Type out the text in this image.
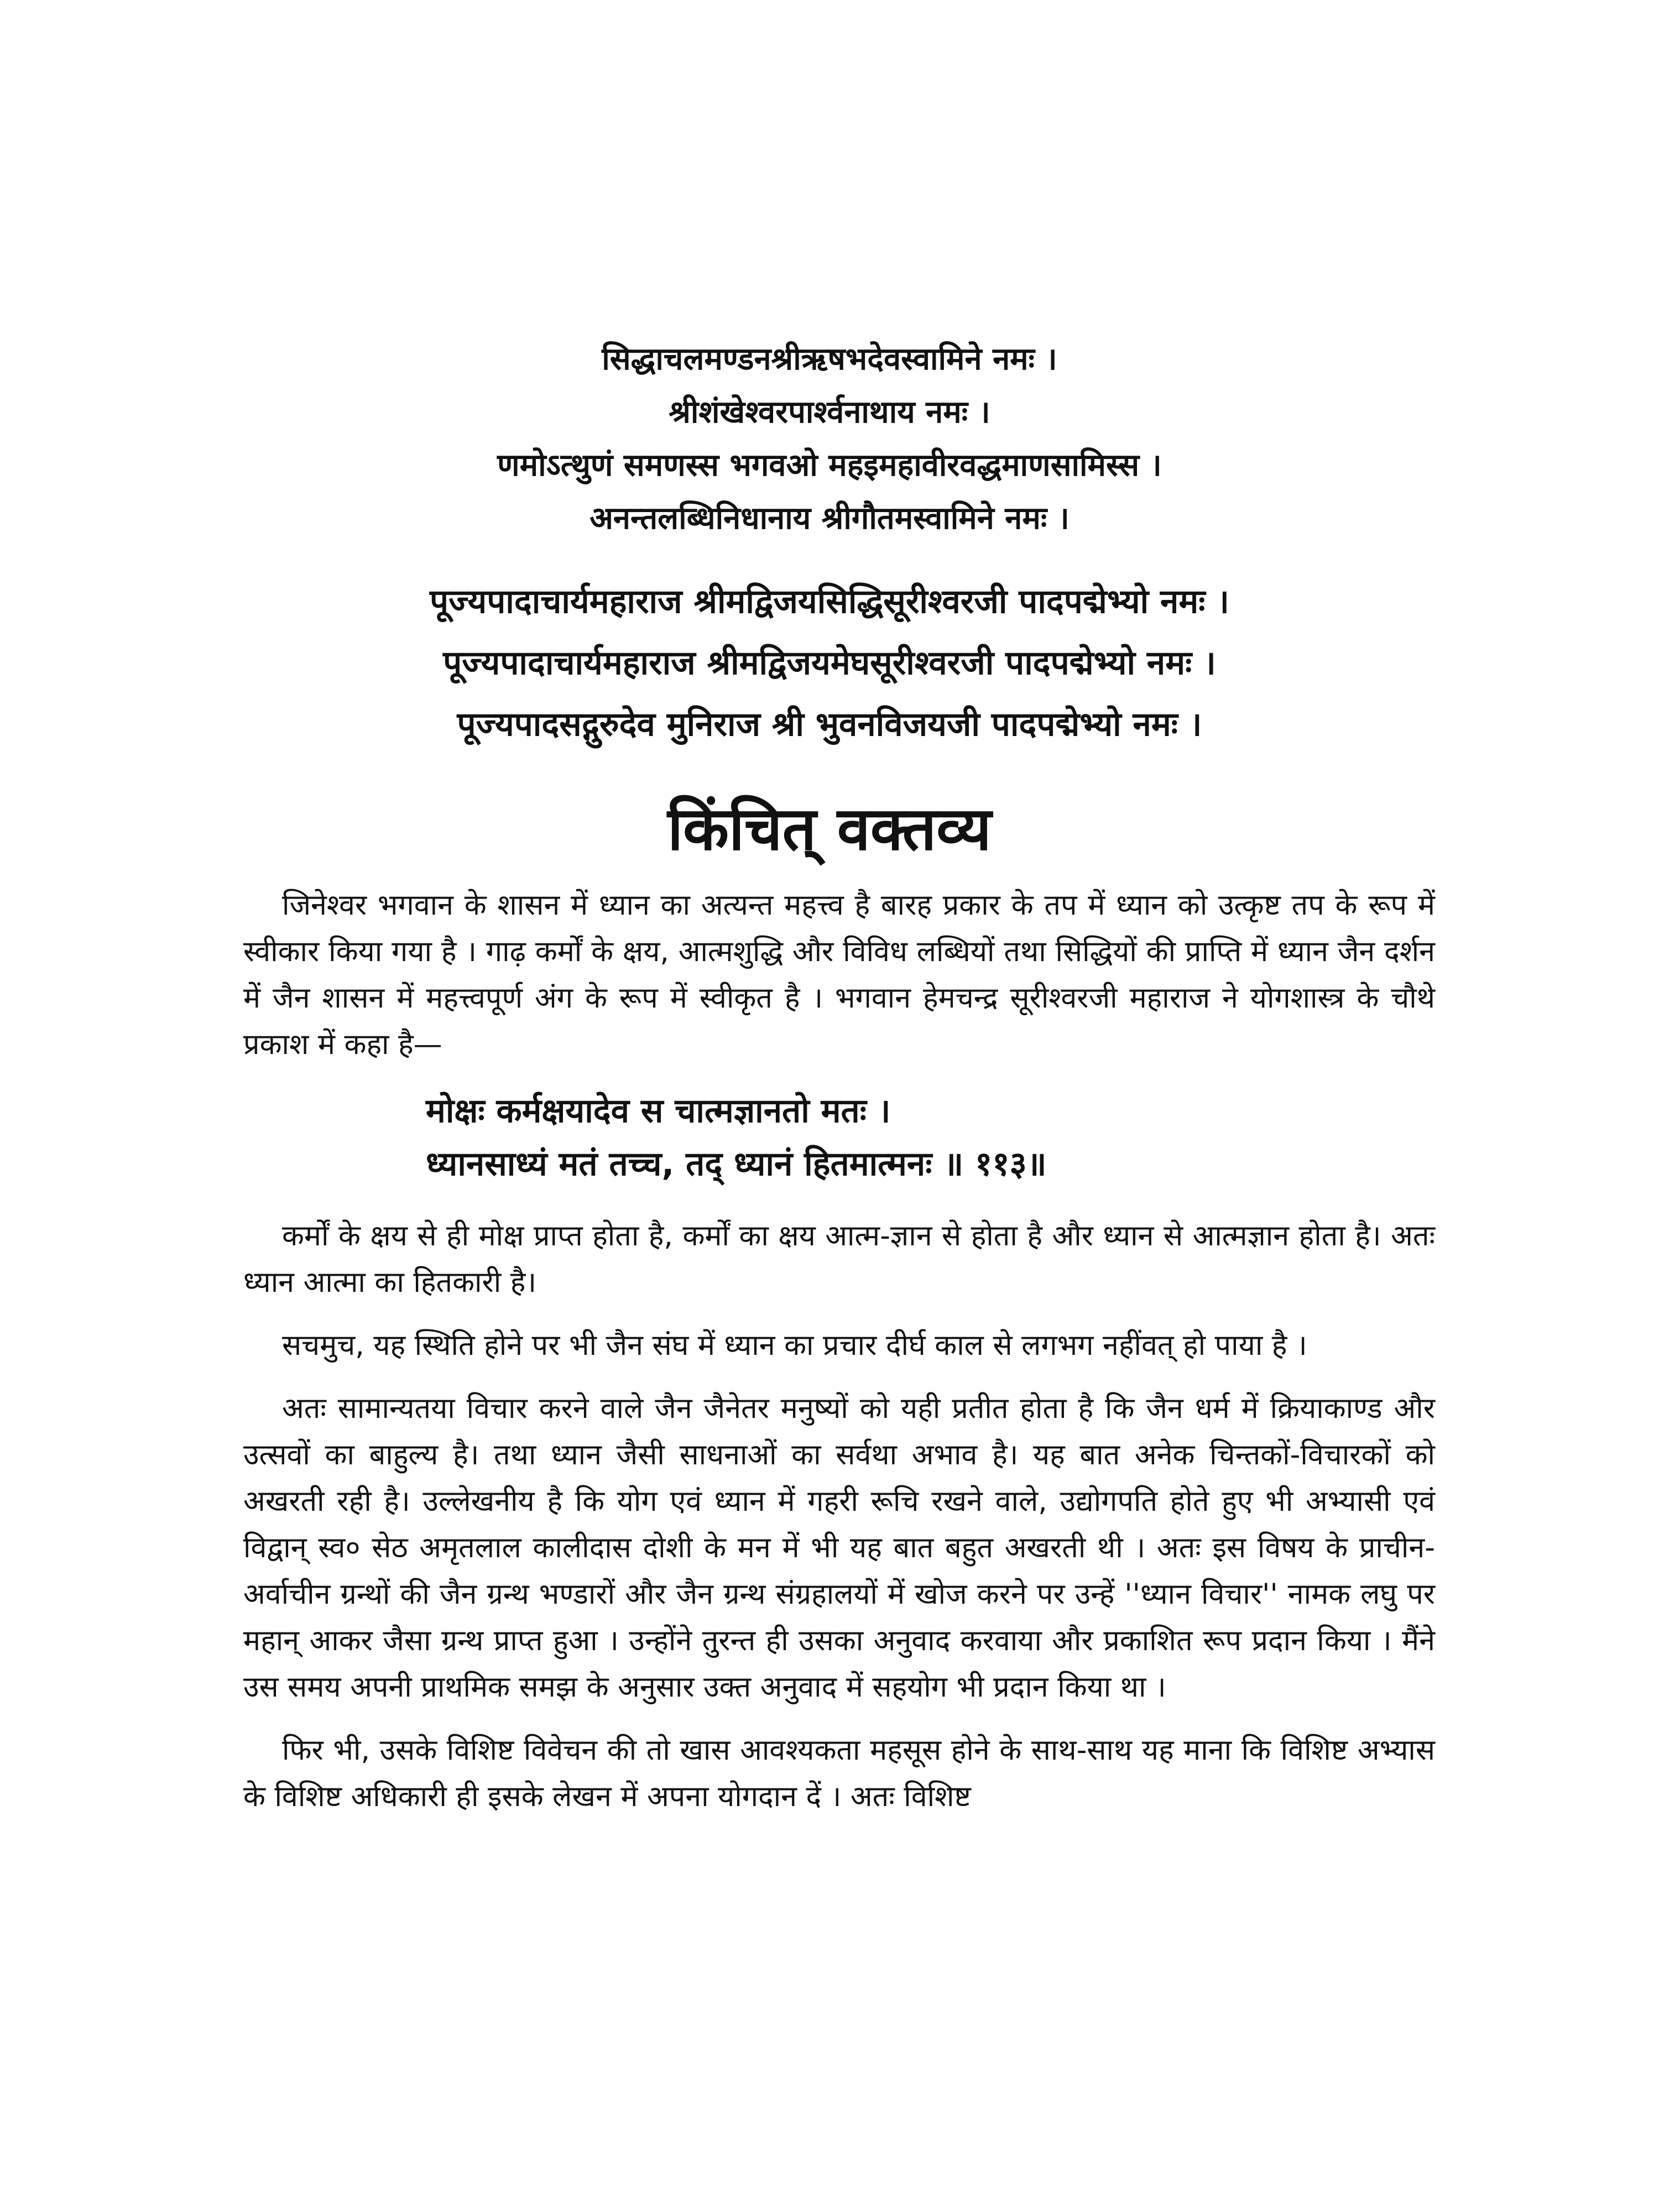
सिद्धाचलमण्डनश्रीऋषभदेवस्वामिने नमः ।
श्रीशंखेश्वरपार्श्वनाथाय नमः ।
णमोऽत्थुणं समणस्स भगवओ महइमहावीरवद्धमाणसामिस्स ।
अनन्तलब्धिनिधानाय श्रीगौतमस्वामिने नमः ।
पूज्यपादाचार्यमहाराज श्रीमद्विजयसिद्धिसूरीश्वरजी पादपद्मेभ्यो नमः ।
पूज्यपादाचार्यमहाराज श्रीमद्विजयमेघसूरीश्वरजी पादपद्मेभ्यो नमः ।
पूज्यपादसद्गुरुदेव मुनिराज श्री भुवनविजयजी पादपद्मेभ्यो नमः ।
किंचित् वक्तव्य

जिनेश्वर भगवान के शासन में ध्यान का अत्यन्त महत्त्व है बारह प्रकार के तप में ध्यान को उत्कृष्ट तप के रूप में स्वीकार किया गया है । गाढ़ कर्मों के क्षय, आत्मशुद्धि और विविध लब्धियों तथा सिद्धियों की प्राप्ति में ध्यान जैन दर्शन में जैन शासन में महत्त्वपूर्ण अंग के रूप में स्वीकृत है । भगवान हेमचन्द्र सूरीश्वरजी महाराज ने योगशास्त्र के चौथे प्रकाश में कहा है—

मोक्षः कर्मक्षयादेव स चात्मज्ञानतो मतः ।
ध्यानसाध्यं मतं तच्च, तद् ध्यानं हितमात्मनः ॥ ११३॥

कर्मों के क्षय से ही मोक्ष प्राप्त होता है, कर्मों का क्षय आत्म-ज्ञान से होता है और ध्यान से आत्मज्ञान होता है। अतः ध्यान आत्मा का हितकारी है।

सचमुच, यह स्थिति होने पर भी जैन संघ में ध्यान का प्रचार दीर्घ काल से लगभग नहींवत् हो पाया है ।

अतः सामान्यतया विचार करने वाले जैन जैनेतर मनुष्यों को यही प्रतीत होता है कि जैन धर्म में क्रियाकाण्ड और उत्सवों का बाहुल्य है। तथा ध्यान जैसी साधनाओं का सर्वथा अभाव है। यह बात अनेक चिन्तकों-विचारकों को अखरती रही है। उल्लेखनीय है कि योग एवं ध्यान में गहरी रूचि रखने वाले, उद्योगपति होते हुए भी अभ्यासी एवं विद्वान् स्व० सेठ अमृतलाल कालीदास दोशी के मन में भी यह बात बहुत अखरती थी । अतः इस विषय के प्राचीन-अर्वाचीन ग्रन्थों की जैन ग्रन्थ भण्डारों और जैन ग्रन्थ संग्रहालयों में खोज करने पर उन्हें ''ध्यान विचार'' नामक लघु पर महान् आकर जैसा ग्रन्थ प्राप्त हुआ । उन्होंने तुरन्त ही उसका अनुवाद करवाया और प्रकाशित रूप प्रदान किया । मैंने उस समय अपनी प्राथमिक समझ के अनुसार उक्त अनुवाद में सहयोग भी प्रदान किया था ।

फिर भी, उसके विशिष्ट विवेचन की तो खास आवश्यकता महसूस होने के साथ-साथ यह माना कि विशिष्ट अभ्यास के विशिष्ट अधिकारी ही इसके लेखन में अपना योगदान दें । अतः विशिष्ट
